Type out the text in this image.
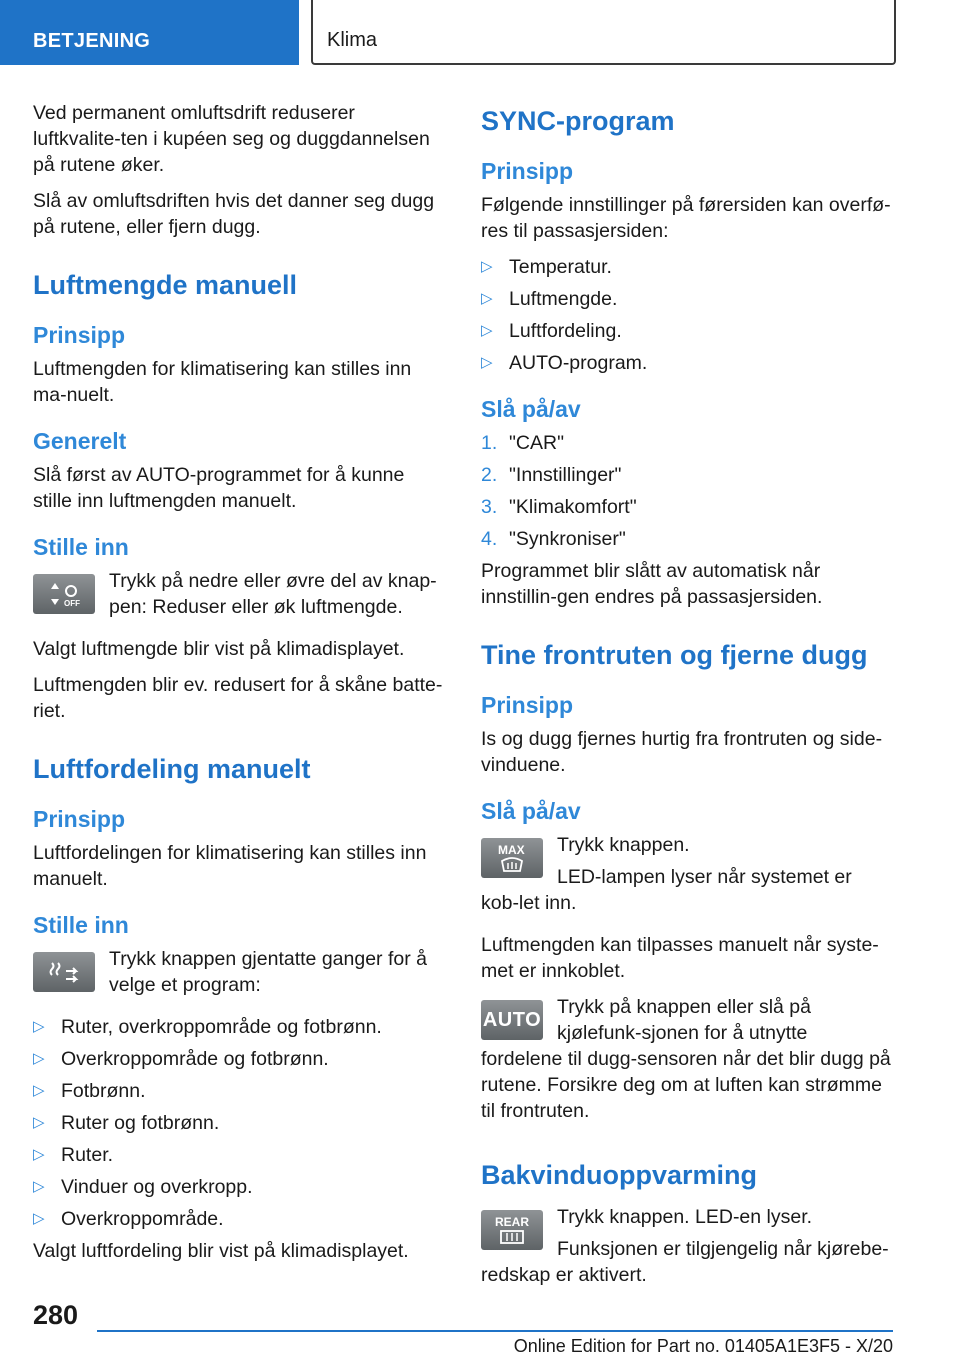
BETJENING	Klima

Ved permanent omluftsdrift reduserer luftkvalite-ten i kupéen seg og duggdannelsen på rutene øker.

Slå av omluftsdriften hvis det danner seg dugg på rutene, eller fjern dugg.

Luftmengde manuell
Prinsipp

Luftmengden for klimatisering kan stilles inn ma-nuelt.

Generelt

Slå først av AUTO-programmet for å kunne stille inn luftmengden manuelt.

Stille inn
OFF

Trykk på nedre eller øvre del av knap-pen: Reduser eller øk luftmengde.

Valgt luftmengde blir vist på klimadisplayet.

Luftmengden blir ev. redusert for å skåne batte-riet.

Luftfordeling manuelt
Prinsipp

Luftfordelingen for klimatisering kan stilles inn manuelt.

Stille inn

Trykk knappen gjentatte ganger for å velge et program:

▷ Ruter, overkroppområde og fotbrønn.
▷ Overkroppområde og fotbrønn.
▷ Fotbrønn.
▷ Ruter og fotbrønn.
▷ Ruter.
▷ Vinduer og overkropp.
▷ Overkroppområde.

Valgt luftfordeling blir vist på klimadisplayet.

SYNC-program
Prinsipp

Følgende innstillinger på førersiden kan overfø-res til passasjersiden:

▷ Temperatur.
▷ Luftmengde.
▷ Luftfordeling.
▷ AUTO-program.
Slå på/av
1. "CAR"
2. "Innstillinger"
3. "Klimakomfort"
4. "Synkroniser"

Programmet blir slått av automatisk når innstillin-gen endres på passasjersiden.

Tine frontruten og fjerne dugg
Prinsipp

Is og dugg fjernes hurtig fra frontruten og side-vinduene.

Slå på/av
MAX	Trykk knappen.

LED-lampen lyser når systemet er kob-let inn.

Luftmengden kan tilpasses manuelt når syste-met er innkoblet.

AUTO

Trykk på knappen eller slå på kjølefunk-sjonen for å utnytte fordelene til dugg-sensoren når det blir dugg på rutene. Forsikre deg om at luften kan strømme til frontruten.

Bakvinduoppvarming
REAR	Trykk knappen. LED-en lyser.

Funksjonen er tilgjengelig når kjørebe-redskap er aktivert.

280
Online Edition for Part no. 01405A1E3F5 - X/20
